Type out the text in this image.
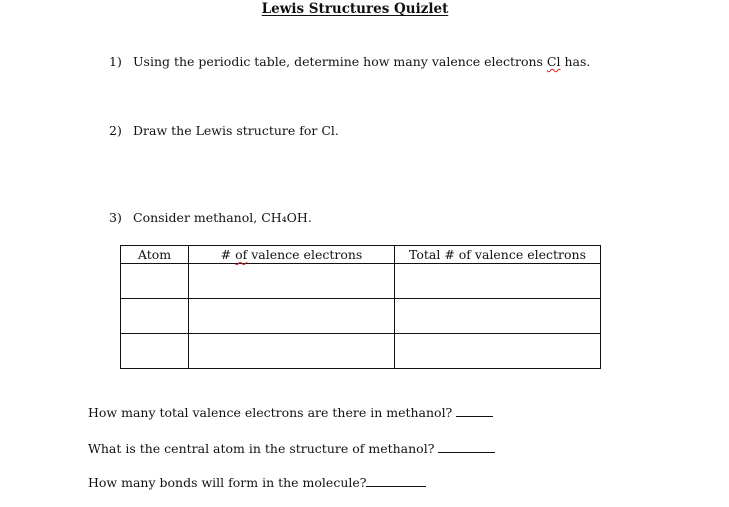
Lewis Structures Quizlet
1) Using the periodic table, determine how many valence electrons Cl has.
2) Draw the Lewis structure for Cl.
3) Consider methanol, CH₄OH.
Atom	# of valence electrons	Total # of valence electrons

How many total valence electrons are there in methanol?
What is the central atom in the structure of methanol?
How many bonds will form in the molecule?
